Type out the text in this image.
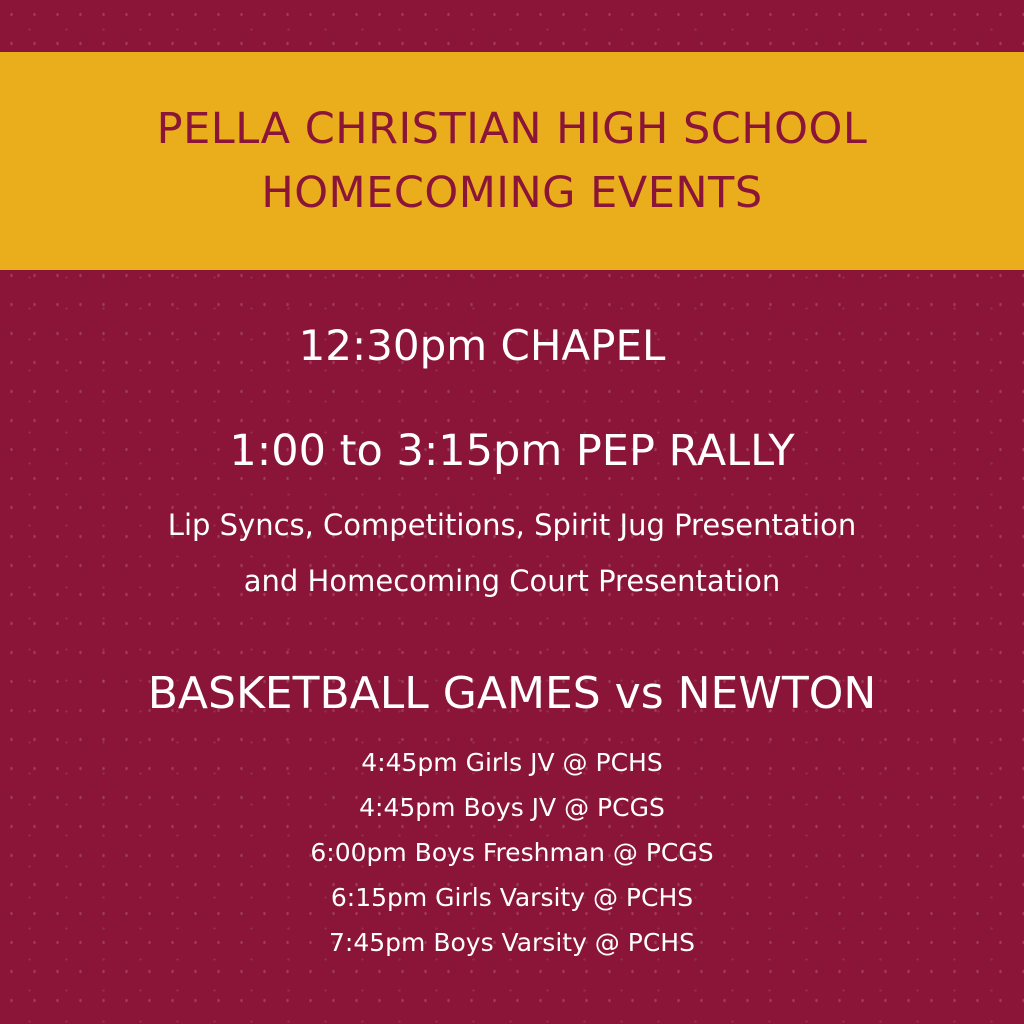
PELLA CHRISTIAN HIGH SCHOOL
HOMECOMING EVENTS
12:30pm CHAPEL
1:00 to 3:15pm PEP RALLY
Lip Syncs, Competitions, Spirit Jug Presentation
and Homecoming Court Presentation
BASKETBALL GAMES vs NEWTON
4:45pm Girls JV @ PCHS
4:45pm Boys JV @ PCGS
6:00pm Boys Freshman @ PCGS
6:15pm Girls Varsity @ PCHS
7:45pm Boys Varsity @ PCHS
